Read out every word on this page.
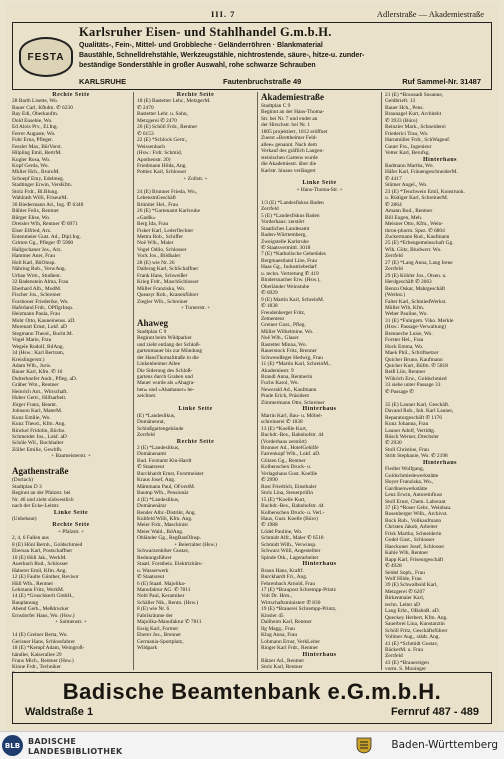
III. 7	Adlerstraße — Akademiestraße
FESTA
Karlsruher Eisen- und Stahlhandel G.m.b.H.
Qualitäts-, Fein-, Mittel- und Grobbleche · Geländerröhren · Blankmaterial
Baustähle, Schnelldrehstähle, Werkzeugstähle, nichtrostende, säure-, hitze-u. zunder-
beständige Sonderstähle in großer Auswahl, rohe schwarze Schrauben
KARLSRUHE	Fautenbruchstraße 49	Ruf Sammel-Nr. 31487
Rechte Seite
28 Barth Lisette, Wo.
Bauer Carl, Kfkdm. ✆ 6230
Bay Edi, Oberkaufm.
Dold Eusebie, Wo.
Ed Alois Prv., El.Ing.
Ferrer Auguste, Wo.
Fuhr Erna, Pfleger.
Fessler Max, BürVorst.
Hilpling Emil, BertrM.
Kugler Rosa, Wo.
Kopf Gerda, Wo.
Müller Hch., BruruM.
Schoepf Emy, Edelmeg.
Stadtinger Erwin, VersKfm.
Stolz Frdr., Bl.Blung.
Wahlrath Willi, FriseurM.
30 Biedermann Ad., Ing. ✆ 6348
Bühler Felix, Rentner
Bürger Elise, Wo.
Dreisler Wlh, Rentner ✆ 6971
Elser Elfried, Arz.
Entenmeier Gust. Ad., Dipl.Ing.
Grimm Gg., Pfleger ✆ 5900
Hallgschaner Jos., Arz.
Hammer Aner, Frau
Holl Karl, BüOinsp.
Nähring Rob., VerwAng.
Urban Wrm., Studienr.
32 Badenstein Alma, Frau
Eberhard Alb., ModM.
Fischer Jos., Schreiner
Forsboner Friederike, Wo.
Haferland Frdr., OPflgrInsp.
Heizmann Paula, Frau
Mohr Otto, Kauneinenss. aD.
Morenart Ernst, Lokf. aD
Stegmann Theod., Bucht.M.
Vogel Marie, Frau
Wegele Rudolf, BdAng.
34 (Hsw.: Karl Bertram,
Kreislingerstr.)
Adam Wlh., Juris.
Bauer Karl, Kfm. ✆ 16
Dulterhoefer Andr., Pfleg. aD.
Gräber Wm., Rentner
Heinrich Ant., Wirtschaft.
Huber Gertr., Hilfsarbeit.
Jörger Franz, Beamt.
Johnson Karl, MaterM.
Kunz Emilie, Wo.
Kunz Theod., Kfm. Ang.
Rinckel Fridolin, Bücho.
Schmeider Jos., Lokf. aD
Schöle Wil., Buchhalter
Zöller Emilie, Gewbfh.
+ Baumeisterstr. +

Agathenstraße
(Durlach)
Stadtplan D 3
Beginnt an der Pfalzstr. bei
Nr. 46 und zieht südwestlich
nach der Ecke-Leitstr.
Linke Seite
(Unbebaut)
Rechte Seite
+ Pfalzstr. +
2, 4, 6 Fallen aus
8 (E) Hönl Bernh., Goldschmied
Ebersau Karl, Postschaffner
10 (E) Hüll Jak., WerkM.
Auerbach Rud., Schlosser
Haberer Emil, Kfm. Ang.
12 (E) Faulte Günther, Revisor
Hüll Wlh., Rentner
Lehmann Fritz, WerkM.
14 (E) *Gruschkerlt GmbH.,
Bauplanung
Abend Gerh., Meßdrucker
Ernsdorfer Hans, Wo. (Hsw.)
+ Salmenstr. +

14 (E) Greiner Berta, Wo.
Gerisner Hans, Schlossfahrer
18 (E) *Kempf Adam, Weingroß-
händler, Kaiserallee 29
Frans Mich., Rentner (Hsw.)
Kinne Frdr., Techniker
Rechte Seite
18 (E) Bastetter Lehr., MetzgerM.
✆ 2470
Bastetter Lehr. u. Sohn,
Metzgerei ✆ 2470
20 (E) Schöll Frdr., Rentner
✆ 6153
22 (E) *Schlock Gertr.,
Weissenbach
(Hsw.: Frdr. Schmid,
Apothenstr. 20)
Friedmann Hilda, Ang.
Pottiez Karl, Schlosser
+ Zollstr. +

24 (E) Brunner Frieda, Wo.,
LebensmGeschäft
Brümler Hel., Frau
26 (E) *Gartenamt Karlsruhe
»Gadik«
Berg Ida, Frau
Fisker Karl, Lederflechter
Mettra Rob., Schiffer
Noë Wlh., Maler
Vogel Odilo, Schlosser
Vock Jos., Bildhaler
28 (E) wie Nr. 26
Dallerag Karl, SchSchaffner
Frank Hans, Schweißer
Krieg Frdr., MaschSchlosser
Müller Franziska, Wo.
Queasyr Rob., Kranenführer
Ziegler Wlh., Schreiner
+ Turnerstr. +

Ahaweg
Stadtplan C 9
Beginnt beim Wildparker
und zieht entlang der Schloß-
gartenmauer bis zur Mündung
der HansThomaStraße in die
Linkenheimer Allee
Die Siderung des Schloß-
gartens durch Graben und
Mauer wurde als »Ahagra-
ben« und »Ahamauer« be-
zeichnet.

Linke Seite
(E) *Landeslikus,
Domänenrat,
Schloßgartengebäude
Zerrfeld
Rechte Seite
2 (E) *Landeslikus,
Domänenamt
Bud. Forstamt Klu-Hardt
✆ Staatsreut
Burckhardt Ernst, Forstmeister
Kraus Josef, Ang.
Mämmann Paul, OForstM.
Baump Wlh., Pensionär
4 (E) *Landeslikus,
Domänenärar
Bender Albr.-Distrikt, Ang.
Kuhfeld Willi, Kfm. Ang.
Meier Frdr., Maschinist
Meier Wald., BdAng.
Obländer Gg., RegBauOInsp.
+ Beiertalter (Hsw.)
Schwarzenbiher Gustav,
Reduungsführer
Staatl. Forstbeiz. Elektrizitäts-
u. Wasserwerk
✆ Staatsreut
6 (E) Staatl. Majolika-
Manufaktur AG. ✆ 7811
Nobl Paul, Keramiker
Schäller Nik., Rentn. (Hsw.)
8 (E) wie Nr. 6
Fabrikräume der
Majolika-Manufaktur ✆ 7811
Essig Karl, Former
Eberer Jos., Brenner
Germania-Sportplatz,
Wildpark
Akademiestraße
Stadtplan C 9
Beginnt an der Hans-Thoma-
Str. bei Nr. 7 und endet an
der Hirschstr. bei Nr. 1
1805 projektiert, 1812 eröffnet
Zuerst »Brettheimer Feld-
allee« genannt. Nach dem
Verkauf des gräflich Langen-
steinischen Gartens wurde
die Akademiestr. über die
Karlstr. hinaus verlängert

Linke Seite
+ Hans-Thoma-Str. +

1/3 (E) *Landesfiskus Baden
Zerrfeld
5 (E) *Landesfiskus Baden
Vorderhaus: zerstört
Staatliches Landesamt
Baden-Württemberg,
Zweigstelle Karlsruhe
✆ Staatsvermittl. 3018
7 (E) *Katholische Gebetüdes
Bergmaestland Line, Frau
Haas Gg., Industriebedarf
u. techn. Vertretung ✆ 419
Bindersnacher Erw. (Hsw.),
Oberländer Weinstube
✆ 6929
9 (E) Martin Karl, SchreinM.
✆ 1838
Freudenberger Fritz,
Zementeur
Greiner Gust., Pfleg.
Müller Wilhelmine, Wo.
Noë Wlh., Glaser
Rastetter Minna, Wo.
Rauerstock Fritz, Brenner
Schwendfeger Hedwig, Frau
11 (E) *Martin Karl, SchreinM.,
Akademiestr. 9
Brandl Anna, Rentnerin
Fuchs Karol, Wo.
Newerald Ad., Kaufmann
Prade Erich, Präsident
Zimmermann Otto, Schreiner
Hinterhaus
Martin Karl, Bau- u. Möbel-
schreinerei ✆ 1838
13 (E) *Koellle Kurt,
Buchdr.-Bes., Bahnhofstr. 44
(Vorderhaus zerstört)
Brunner Ad., HotelGehilfe
Farrenkopf Wlh., Lokf. aD.
Götzen Gg., Rentner
Kolbenschen Druck- u.
Verlagshaus Gust. Koellle
✆ 2990
Rost Friedrich, Einsthaler
Stolz Lina, Steuerprüfin
15 (E) *Koelle Kurt,
Buchdr.-Bes., Bahnhofstr. 44
Kolbenschen Druck- u. Verl.-
Haus, Gust. Koelle (Büro)
✆ 1988
Lödel Pauline, Wo.
Schmidt Alfr., Maler ✆ 6518
Schmidt Wilh., Verwinsp.
Schwarz Willi, Angestellter
Spinde Otk., Lagerarbeiter
Hinterhaus
Braun Hans, Kraftf.
Burckhardt Fri., Ang.
Fehrenbach Arnold, Frau
17 (E) *Braupost Schrempp-Printz
Volt Dr. Hrm.,
Wirtschaftsministerr ✆ 830
19 (E) *Brauerei Schrempp-Printz,
Kinsler 45
Dallheim Karl, Rentner
Ilg Magg., Frau
Klug Anna, Frau
Lohmann Ernst, VerkLeiter
Ringer Karl Frdr., Rentner
Hinterhaus
Bützer Ad., Rentner
Stolz Karl, Rentner
21 (E) *Boussadi Susanne,
Geldbriefr. 13
Bauer Hch., Pens.
Braunagel Kurt, Architekt
✆ 3933 (Büro)
Beinzler Mark., Schneiderei
Friederici Trau, Wo.
Harnmüller Frdr., SchWagenf.
Gauer Fra., Ingenieur
Vetter Karl, Berufsg.
Hinterhaus
Badmann Martha, Wo.
Häfer Karl, FräuengeschneiderM.
✆ 4417
Stümer Angel., Wo.
23 (E) *Teuchwein Emil, Konstrunk.
u. Rüdiger Karl, SchreinerM.
✆ 2864
Amann Rud., Rentner
Bill Eugen, Meh.
Meisner Otto, Kfm., Wein-
thron-phorm. Spez. ✆ 6804
Zuckermann Rud., Kaufmann
25 (E) *Erbengemeinschaft Gg.
Wlh. Götz, Bludwerr. Wo.
Zerrfeld
27 (E) *Lang Anna, Lang Irene
Zerrfeld
29 (E) Köhler Jos., Otsen. u.
Herdgeschäft ✆ 2663
Benzu Oskar, Mahrgeschäft
(Werkst.)
Falter Karl, SchmiedWerkst.
Müller Wlh, Kfm.
Weber Pauline, Wo.
31 (E) *Fuhrgem. Viko. Merkle
(Hsw.: Passage-Verwaltung)
Brenneche Luise, Wo.
Forster Hel., Frau
Hock Emma, Wo.
Maek Phil., Schriftsetzer
Quicher Bruno, Kaufmann
Quicher Kurt, Büfm. ✆ 5818
Reiß Lilo, Rentner
Wührich Erw., Goldschmied
33 siehe unter Passage 33
✆ Passage ✆

35 (E) Launer Karl, Geschäft.
Davand Rob., Inh. Karl Launer,
Reparaturgeschäft ✆ 1176
Kunz Johanna, Frau
Launer Adolf, Vertldtg.
Rösch Werner, Drechsler
✆ 2930
Stoll Christine, Frau
Stritt Stephanie, Wo. ✆ 2198
Hinterhaus
Fiedler Wolfgang,
Goldschmiedewerkstätte
Hoyer Franziska, Wo.,
Gardinenwerkstätte
Lenz Erwin, Autoreinfluss
Stoll Ernst, Chem. Laborant
37 (E) *Roser Gebr., Weinbau.
Rosenberger Wilh., Archivst.
Bock Rob., Vollkaufmann
Christen Jakob, Arbeiter
Frisk Martha, Schneiderin
Godel Gust., Schlosser
Haeckoner Josef, Schlosser
Kahle Wlh, Rentner
Rapp Karl, Friseurgeschäft
✆ 4928
Seidel Soph., Frau
Wolf Hilde, Frau
39 (E) Schwalbold Karl,
Metzgerei ✆ 6207
Birkenmaier Karl,
techn. Leiter aD
Lang Erhr., OBahnR. aD.
Queckey Herbert, Kfm. Ang.
Sauerbrei Lina, Kunstarztin
Schöll Fritz, Geschäftsführer
Vollmer Aug., städt. Ang.
41 (E) *Schmidt Gustav,
BäckerM. u. Frau
Zerrfeld
43 (E) *Brauereigen
vorm. S. Moninger
Badische Beamtenbank e.G.m.b.H.
Waldstraße 1	Fernruf 487 - 489
BLB BADISCHE
LANDESBIBLIOTHEK	Baden-Württemberg
